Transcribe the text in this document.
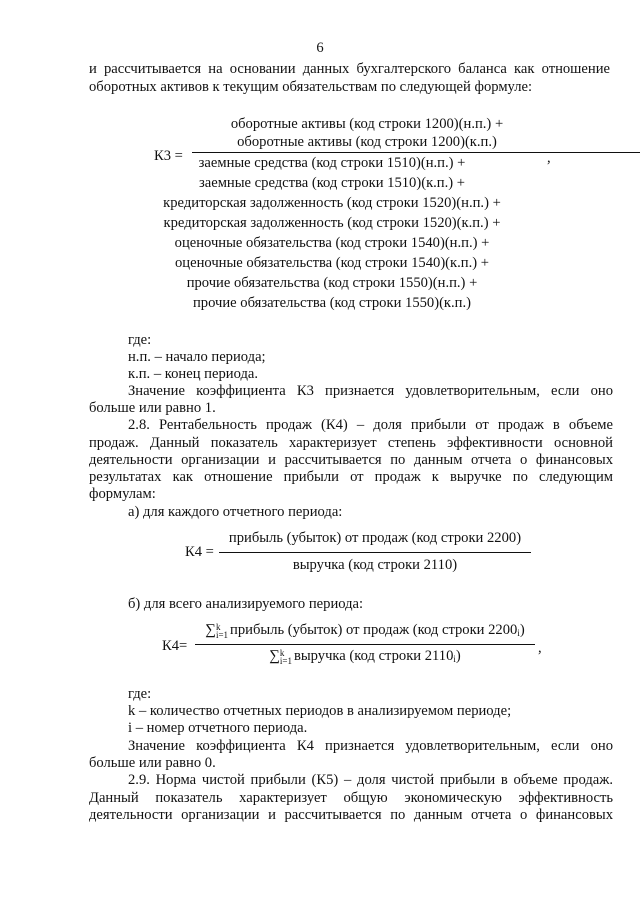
6

и рассчитывается на основании данных бухгалтерского баланса как отношение

оборотных активов к текущим обязательствам по следующей формуле:

К3 =
оборотные активы (код строки 1200)(н.п.) +
оборотные активы (код строки 1200)(к.п.)
заемные средства (код строки 1510)(н.п.) +
заемные средства (код строки 1510)(к.п.) +
кредиторская задолженность (код строки 1520)(н.п.) +
кредиторская задолженность (код строки 1520)(к.п.) +
оценочные обязательства (код строки 1540)(н.п.) +
оценочные обязательства (код строки 1540)(к.п.) +
прочие обязательства (код строки 1550)(н.п.) +
прочие обязательства (код строки 1550)(к.п.)
,

где:

н.п. – начало периода;

к.п. – конец периода.

Значение коэффициента К3 признается удовлетворительным, если оно

больше или равно 1.

2.8. Рентабельность продаж (К4) – доля прибыли от продаж в объеме

продаж. Данный показатель характеризует степень эффективности основной

деятельности организации и рассчитывается по данным отчета о финансовых

результатах как отношение прибыли от продаж к выручке по следующим

формулам:

а) для каждого отчетного периода:

К4 =
прибыль (убыток) от продаж (код строки 2200)
выручка (код строки 2110)

б) для всего анализируемого периода:

К4=
∑k
i=1 прибыль (убыток) от продаж (код строки $2200_i$)
∑k
i=1 выручка (код строки $2110_i$)	,

где:

k – количество отчетных периодов в анализируемом периоде;

i – номер отчетного периода.

Значение коэффициента К4 признается удовлетворительным, если оно

больше или равно 0.

2.9. Норма чистой прибыли (К5) – доля чистой прибыли в объеме продаж.

Данный показатель характеризует общую экономическую эффективность

деятельности организации и рассчитывается по данным отчета о финансовых
